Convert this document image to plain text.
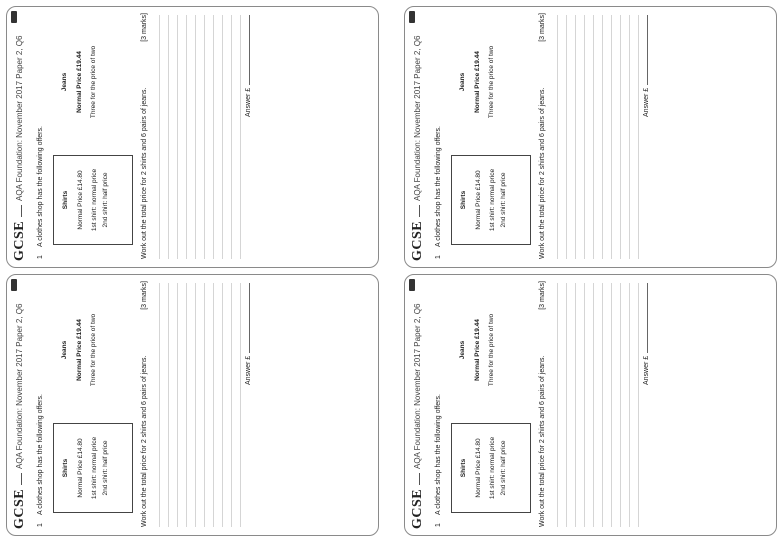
GCSE
AQA Foundation: November 2017 Paper 2, Q6
1
A clothes shop has the following offers.	Shirts	Normal Price £14.80	1st shirt: normal price 2nd shirt: half price
Jeans	Normal Price £19.44	Three for the price of two
Work out the total price for 2 shirts and 6 pairs of jeans.
[3 marks]
Answer £
GCSE
AQA Foundation: November 2017 Paper 2, Q6
1
A clothes shop has the following offers.	Shirts	Normal Price £14.80	1st shirt: normal price 2nd shirt: half price
Jeans	Normal Price £19.44	Three for the price of two
Work out the total price for 2 shirts and 6 pairs of jeans.
[3 marks]
Answer £
GCSE
AQA Foundation: November 2017 Paper 2, Q6
1
A clothes shop has the following offers.	Shirts	Normal Price £14.80	1st shirt: normal price 2nd shirt: half price
Jeans	Normal Price £19.44	Three for the price of two
Work out the total price for 2 shirts and 6 pairs of jeans.
[3 marks]
Answer £
GCSE
AQA Foundation: November 2017 Paper 2, Q6
1
A clothes shop has the following offers.	Shirts	Normal Price £14.80	1st shirt: normal price 2nd shirt: half price
Jeans	Normal Price £19.44	Three for the price of two
Work out the total price for 2 shirts and 6 pairs of jeans.
[3 marks]
Answer £
